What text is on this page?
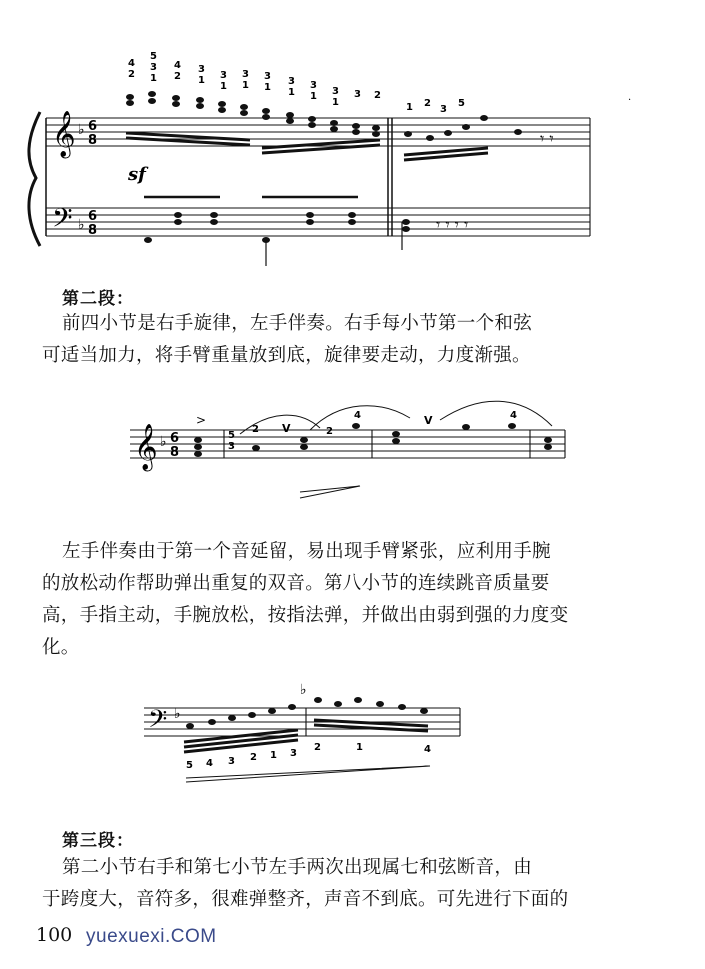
𝄞
𝄢
♭
♭
6
8
6
8
𝄾 𝄾
4
2
5
3
1
4
2
3
1 3
1
3
1
3
1
3
1
3
1 3
1
3 2
1 2
3
5
sf
𝄾 𝄾 𝄾 𝄾
.
第二段：

前四小节是右手旋律，左手伴奏。右手每小节第一个和弦

可适当加力，将手臂重量放到底，旋律要走动，力度渐强。

𝄞 ♭ 6
8
>
2
5
3
2
4	4
V
V

左手伴奏由于第一个音延留，易出现手臂紧张，应利用手腕

的放松动作帮助弹出重复的双音。第八小节的连续跳音质量要

高，手指主动，手腕放松，按指法弹，并做出由弱到强的力度变

化。

𝄢 ♭
♭
5 4 3 2 1 3
2	1	4
第三段：

第二小节右手和第七小节左手两次出现属七和弦断音，由

于跨度大，音符多，很难弹整齐，声音不到底。可先进行下面的

100 yuexuexi.COM
